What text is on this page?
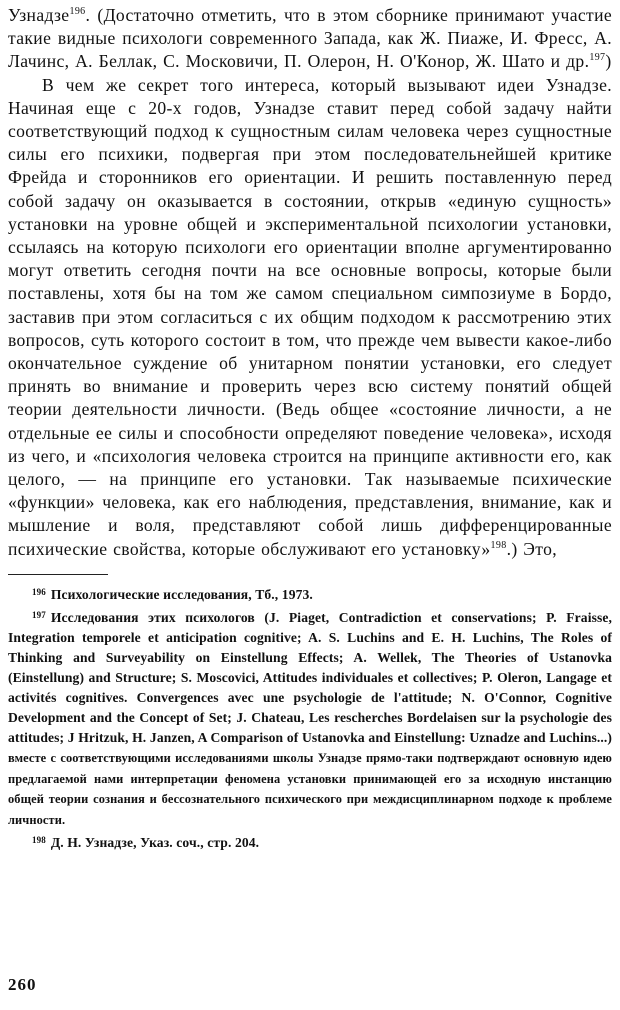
Узнадзе$^{196}$. (Достаточно отметить, что в этом сборнике принимают участие такие видные психологи современного Запада, как Ж. Пиаже, И. Фресс, А. Лачинс, А. Беллак, С. Московичи, П. Олерон, Н. О'Конор, Ж. Шато и др.$^{197}$)

В чем же секрет того интереса, который вызывают идеи Узнадзе. Начиная еще с 20-х годов, Узнадзе ставит перед собой задачу найти соответствующий подход к сущностным силам человека через сущностные силы его психики, подвергая при этом последовательнейшей критике Фрейда и сторонников его ориентации. И решить поставленную перед собой задачу он оказывается в состоянии, открыв «единую сущность» установки на уровне общей и экспериментальной психологии установки, ссылаясь на которую психологи его ориентации вполне аргументированно могут ответить сегодня почти на все основные вопросы, которые были поставлены, хотя бы на том же самом специальном симпозиуме в Бордо, заставив при этом согласиться с их общим подходом к рассмотрению этих вопросов, суть которого состоит в том, что прежде чем вывести какое-либо окончательное суждение об унитарном понятии установки, его следует принять во внимание и проверить через всю систему понятий общей теории деятельности личности. (Ведь общее «состояние личности, а не отдельные ее силы и способности определяют поведение человека», исходя из чего, и «психология человека строится на принципе активности его, как целого, — на принципе его установки. Так называемые психические «функции» человека, как его наблюдения, представления, внимание, как и мышление и воля, представляют собой лишь дифференцированные психические свойства, которые обслуживают его установку»$^{198}$.) Это,

$^{196}$ Психологические исследования, Тб., 1973.

$^{197}$ Исследования этих психологов (J. Piaget, Contradiction et conservations; P. Fraisse, Integration temporele et anticipation cognitive; A. S. Luchins and E. H. Luchins, The Roles of Thinking and Surveyability on Einstellung Effects; A. Wellek, The Theories of Ustanovka (Einstellung) and Structure; S. Moscovici, Attitudes individuales et collectives; P. Oleron, Langage et activités cognitives. Convergences avec une psychologie de l'attitude; N. O'Connor, Cognitive Development and the Concept of Set; J. Chateau, Les rescherches Bordelaisen sur la psychologie des attitudes; J Hritzuk, H. Janzen, A Comparison of Ustanovka and Einstellung: Uznadze and Luchins...) вместе с соответствующими исследованиями школы Узнадзе прямо-таки подтверждают основную идею предлагаемой нами интерпретации феномена установки принимающей его за исходную инстанцию общей теории сознания и бессознательного психического при междисциплинарном подходе к проблеме личности.

$^{198}$ Д. Н. Узнадзе, Указ. соч., стр. 204.

260
